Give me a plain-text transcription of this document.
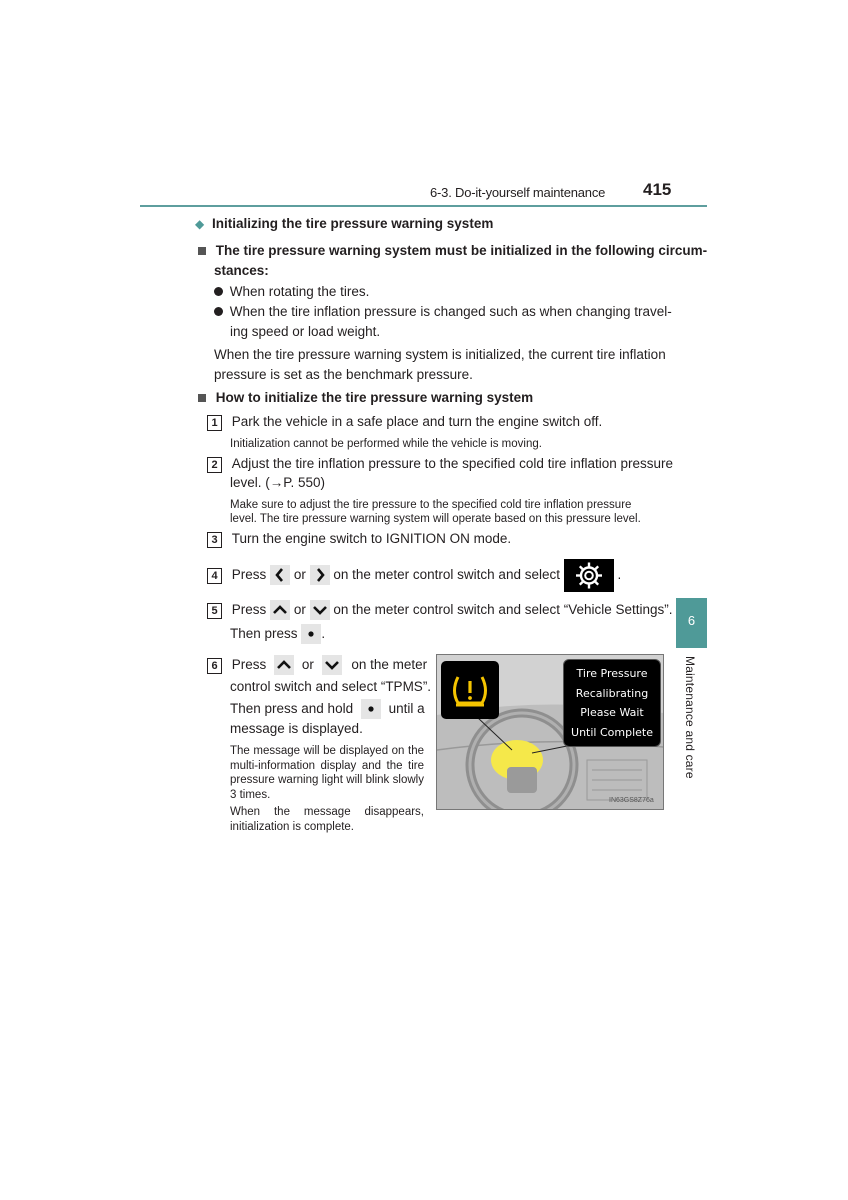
6-3. Do-it-yourself maintenance 415
6
Maintenance and care
◆ Initializing the tire pressure warning system
The tire pressure warning system must be initialized in the following circum-
stances:
When rotating the tires.
When the tire inflation pressure is changed such as when changing travel-
ing speed or load weight.
When the tire pressure warning system is initialized, the current tire inflation
pressure is set as the benchmark pressure.
How to initialize the tire pressure warning system
1 Park the vehicle in a safe place and turn the engine switch off.
Initialization cannot be performed while the vehicle is moving.
2 Adjust the tire inflation pressure to the specified cold tire inflation pressure
level. (→P. 550)
Make sure to adjust the tire pressure to the specified cold tire inflation pressure
level. The tire pressure warning system will operate based on this pressure level.
3 Turn the engine switch to IGNITION ON mode.
4 Press or on the meter control switch and select	.
5 Press or on the meter control switch and select “Vehicle Settings”.
Then press .
6 Press	or	on the meter
control switch and select “TPMS”.
Then press and hold	until a
message is displayed.
The message will be displayed on the multi-information display and the tire pressure warning light will blink slowly 3 times.
When the message disappears, initialization is complete.
Tire Pressure
Recalibrating
Please Wait
Until Complete
IN63GS8Z76a
